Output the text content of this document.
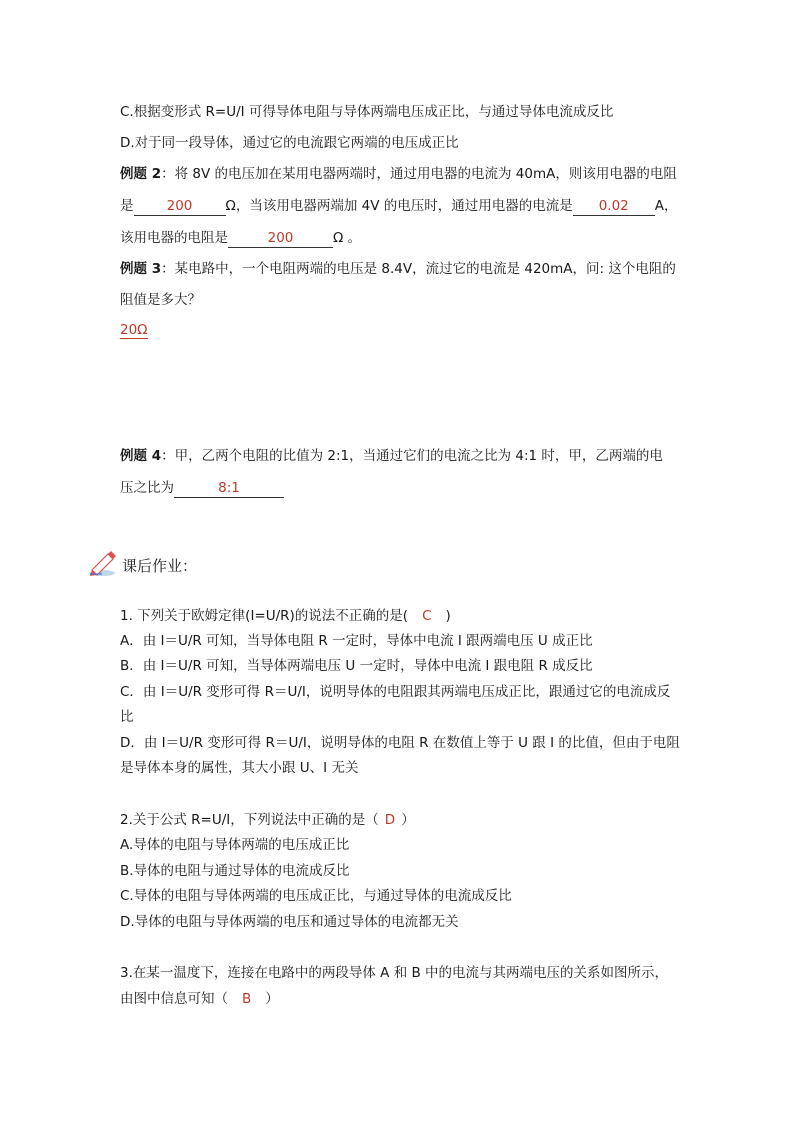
C.根据变形式 R=U/I 可得导体电阻与导体两端电压成正比，与通过导体电流成反比
D.对于同一段导体，通过它的电流跟它两端的电压成正比
例题 2：将 8V 的电压加在某用电器两端时，通过用电器的电流为 40mA，则该用电器的电阻
是 200 Ω，当该用电器两端加 4V 的电压时，通过用电器的电流是 0.02 A，
该用电器的电阻是	200	Ω 。
例题 3：某电路中，一个电阻两端的电压是 8.4V，流过它的电流是 420mA，问: 这个电阻的
阻值是多大？
20Ω
例题 4：甲，乙两个电阻的比值为 2:1，当通过它们的电流之比为 4:1 时，甲，乙两端的电
压之比为	8:1
课后作业：
1. 下列关于欧姆定律(I=U/R)的说法不正确的是( C )
A．由 I＝U/R 可知，当导体电阻 R 一定时，导体中电流 I 跟两端电压 U 成正比
B．由 I＝U/R 可知，当导体两端电压 U 一定时，导体中电流 I 跟电阻 R 成反比
C．由 I＝U/R 变形可得 R＝U/I，说明导体的电阻跟其两端电压成正比，跟通过它的电流成反
比
D．由 I＝U/R 变形可得 R＝U/I，说明导体的电阻 R 在数值上等于 U 跟 I 的比值，但由于电阻
是导体本身的属性，其大小跟 U、I 无关
2.关于公式 R=U/I，下列说法中正确的是（ D ）
A.导体的电阻与导体两端的电压成正比
B.导体的电阻与通过导体的电流成反比
C.导体的电阻与导体两端的电压成正比，与通过导体的电流成反比
D.导体的电阻与导体两端的电压和通过导体的电流都无关
3.在某一温度下，连接在电路中的两段导体 A 和 B 中的电流与其两端电压的关系如图所示，
由图中信息可知（ B ）
